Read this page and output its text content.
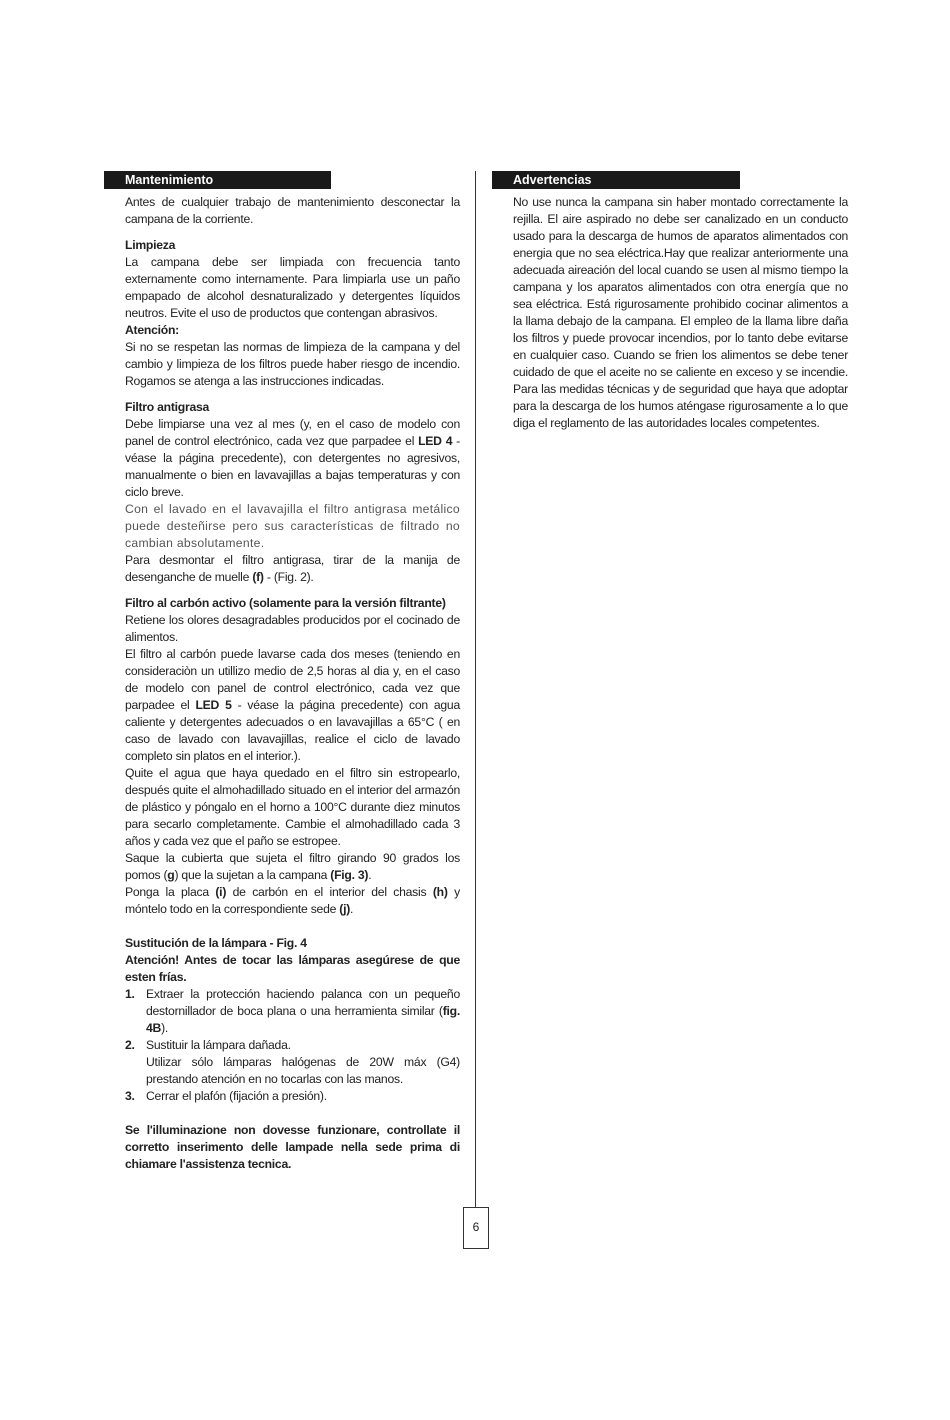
Mantenimiento

Antes de cualquier trabajo de mantenimiento desconectar la campana de la corriente.

Limpieza

La campana debe ser limpiada con frecuencia tanto externamente como internamente. Para limpiarla use un paño empapado de alcohol desnaturalizado y detergentes líquidos neutros. Evite el uso de productos que contengan abrasivos.

Atención:

Si no se respetan las normas de limpieza de la campana y del cambio y limpieza de los filtros puede haber riesgo de incendio. Rogamos se atenga a las instrucciones indicadas.

Filtro antigrasa

Debe limpiarse una vez al mes (y, en el caso de modelo con panel de control electrónico, cada vez que parpadee el LED 4 - véase la página precedente), con detergentes no agresivos, manualmente o bien en lavavajillas a bajas temperaturas y con ciclo breve.

Con el lavado en el lavavajilla el filtro antigrasa metálico puede desteñirse pero sus características de filtrado no cambian absolutamente.

Para desmontar el filtro antigrasa, tirar de la manija de desenganche de muelle (f) - (Fig. 2).

Filtro al carbón activo (solamente para la versión filtrante)

Retiene los olores desagradables producidos por el cocinado de alimentos.

El filtro al carbón puede lavarse cada dos meses (teniendo en consideraciòn un utillizo medio de 2,5 horas al dia y, en el caso de modelo con panel de control electrónico, cada vez que parpadee el LED 5 - véase la página precedente) con agua caliente y detergentes adecuados o en lavavajillas a 65°C ( en caso de lavado con lavavajillas, realice el ciclo de lavado completo sin platos en el interior.).

Quite el agua que haya quedado en el filtro sin estropearlo, después quite el almohadillado situado en el interior del armazón de plástico y póngalo en el horno a 100°C durante diez minutos para secarlo completamente. Cambie el almohadillado cada 3 años y cada vez que el paño se estropee.

Saque la cubierta que sujeta el filtro girando 90 grados los pomos (g) que la sujetan a la campana (Fig. 3).

Ponga la placa (i) de carbón en el interior del chasis (h) y móntelo todo en la correspondiente sede (j).

Sustitución de la lámpara - Fig. 4

Atención! Antes de tocar las lámparas asegúrese de que esten frías.

1. Extraer la protección haciendo palanca con un pequeño destornillador de boca plana o una herramienta similar (fig. 4B).
2. Sustituir la lámpara dañada.
Utilizar sólo lámparas halógenas de 20W máx (G4) prestando atención en no tocarlas con las manos.
3. Cerrar el plafón (fijación a presión).

Se l'illuminazione non dovesse funzionare, controllate il corretto inserimento delle lampade nella sede prima di chiamare l'assistenza tecnica.

Advertencias

No use nunca la campana sin haber montado correctamente la rejilla. El aire aspirado no debe ser canalizado en un conducto usado para la descarga de humos de aparatos alimentados con energia que no sea eléctrica.Hay que realizar anteriormente una adecuada aireación del local cuando se usen al mismo tiempo la campana y los aparatos alimentados con otra energía que no sea eléctrica. Está rigurosamente prohibido cocinar alimentos a la llama debajo de la campana. El empleo de la llama libre daña los filtros y puede provocar incendios, por lo tanto debe evitarse en cualquier caso. Cuando se frien los alimentos se debe tener cuidado de que el aceite no se caliente en exceso y se incendie. Para las medidas técnicas y de seguridad que haya que adoptar para la descarga de los humos aténgase rigurosamente a lo que diga el reglamento de las autoridades locales competentes.

6
